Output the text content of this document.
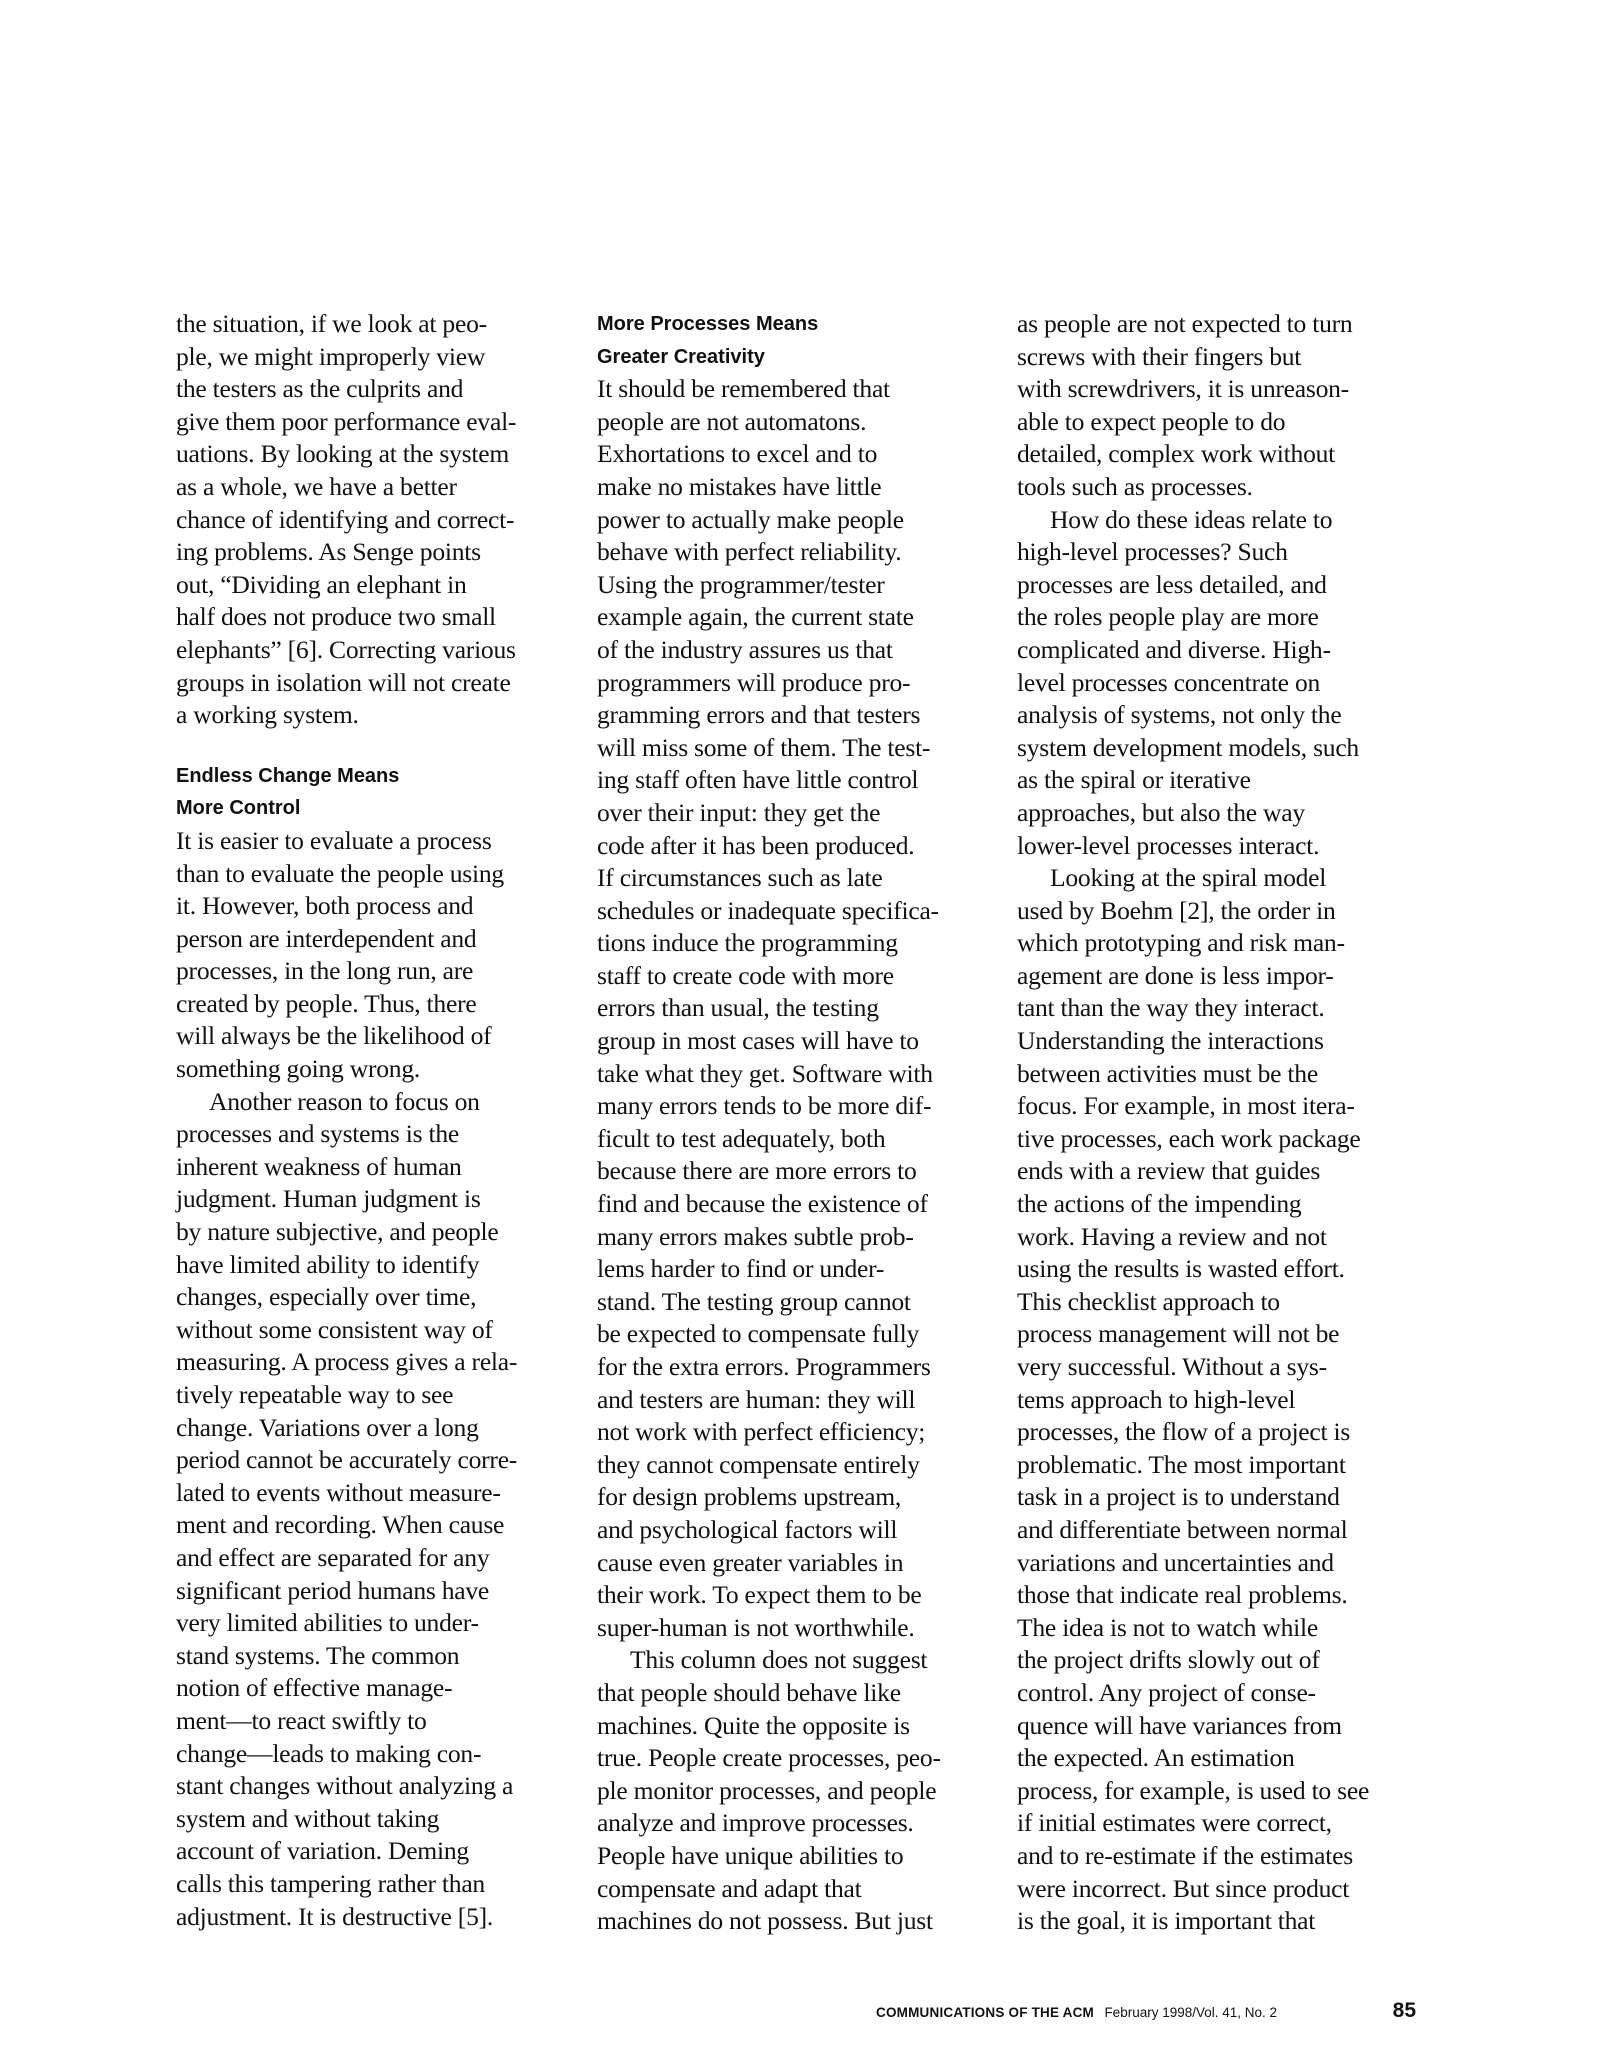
the situation, if we look at peo-
ple, we might improperly view
the testers as the culprits and
give them poor performance eval-
uations. By looking at the system
as a whole, we have a better
chance of identifying and correct-
ing problems. As Senge points
out, “Dividing an elephant in
half does not produce two small
elephants” [6]. Correcting various
groups in isolation will not create
a working system.
Endless Change Means
More Control
It is easier to evaluate a process
than to evaluate the people using
it. However, both process and
person are interdependent and
processes, in the long run, are
created by people. Thus, there
will always be the likelihood of
something going wrong.
Another reason to focus on
processes and systems is the
inherent weakness of human
judgment. Human judgment is
by nature subjective, and people
have limited ability to identify
changes, especially over time,
without some consistent way of
measuring. A process gives a rela-
tively repeatable way to see
change. Variations over a long
period cannot be accurately corre-
lated to events without measure-
ment and recording. When cause
and effect are separated for any
significant period humans have
very limited abilities to under-
stand systems. The common
notion of effective manage-
ment—to react swiftly to
change—leads to making con-
stant changes without analyzing a
system and without taking
account of variation. Deming
calls this tampering rather than
adjustment. It is destructive [5].
More Processes Means
Greater Creativity
It should be remembered that
people are not automatons.
Exhortations to excel and to
make no mistakes have little
power to actually make people
behave with perfect reliability.
Using the programmer/tester
example again, the current state
of the industry assures us that
programmers will produce pro-
gramming errors and that testers
will miss some of them. The test-
ing staff often have little control
over their input: they get the
code after it has been produced.
If circumstances such as late
schedules or inadequate specifica-
tions induce the programming
staff to create code with more
errors than usual, the testing
group in most cases will have to
take what they get. Software with
many errors tends to be more dif-
ficult to test adequately, both
because there are more errors to
find and because the existence of
many errors makes subtle prob-
lems harder to find or under-
stand. The testing group cannot
be expected to compensate fully
for the extra errors. Programmers
and testers are human: they will
not work with perfect efficiency;
they cannot compensate entirely
for design problems upstream,
and psychological factors will
cause even greater variables in
their work. To expect them to be
super-human is not worthwhile.
This column does not suggest
that people should behave like
machines. Quite the opposite is
true. People create processes, peo-
ple monitor processes, and people
analyze and improve processes.
People have unique abilities to
compensate and adapt that
machines do not possess. But just
as people are not expected to turn
screws with their fingers but
with screwdrivers, it is unreason-
able to expect people to do
detailed, complex work without
tools such as processes.
How do these ideas relate to
high-level processes? Such
processes are less detailed, and
the roles people play are more
complicated and diverse. High-
level processes concentrate on
analysis of systems, not only the
system development models, such
as the spiral or iterative
approaches, but also the way
lower-level processes interact.
Looking at the spiral model
used by Boehm [2], the order in
which prototyping and risk man-
agement are done is less impor-
tant than the way they interact.
Understanding the interactions
between activities must be the
focus. For example, in most itera-
tive processes, each work package
ends with a review that guides
the actions of the impending
work. Having a review and not
using the results is wasted effort.
This checklist approach to
process management will not be
very successful. Without a sys-
tems approach to high-level
processes, the flow of a project is
problematic. The most important
task in a project is to understand
and differentiate between normal
variations and uncertainties and
those that indicate real problems.
The idea is not to watch while
the project drifts slowly out of
control. Any project of conse-
quence will have variances from
the expected. An estimation
process, for example, is used to see
if initial estimates were correct,
and to re-estimate if the estimates
were incorrect. But since product
is the goal, it is important that
COMMUNICATIONS OF THE ACM February 1998/Vol. 41, No. 2	85
